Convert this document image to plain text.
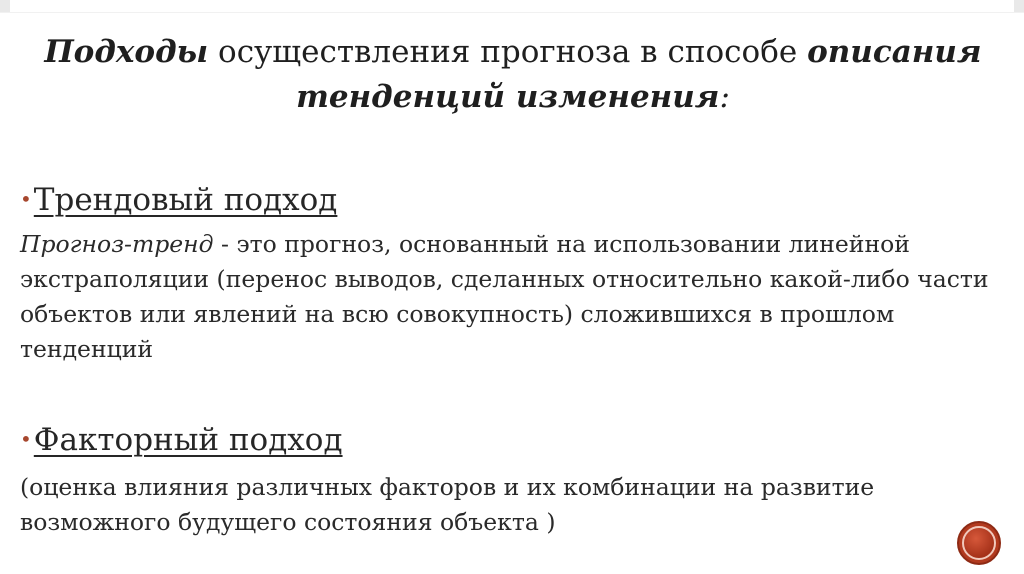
Подходы осуществления прогноза в способе описания тенденций изменения:
•Трендовый подход
Прогноз-тренд - это прогноз, основанный на использовании линейной экстраполяции (перенос выводов, сделанных относительно какой-либо части объектов или явлений на всю совокупность) сложившихся в прошлом тенденций
•Факторный подход
(оценка влияния различных факторов и их комбинации на развитие возможного будущего состояния объекта )
